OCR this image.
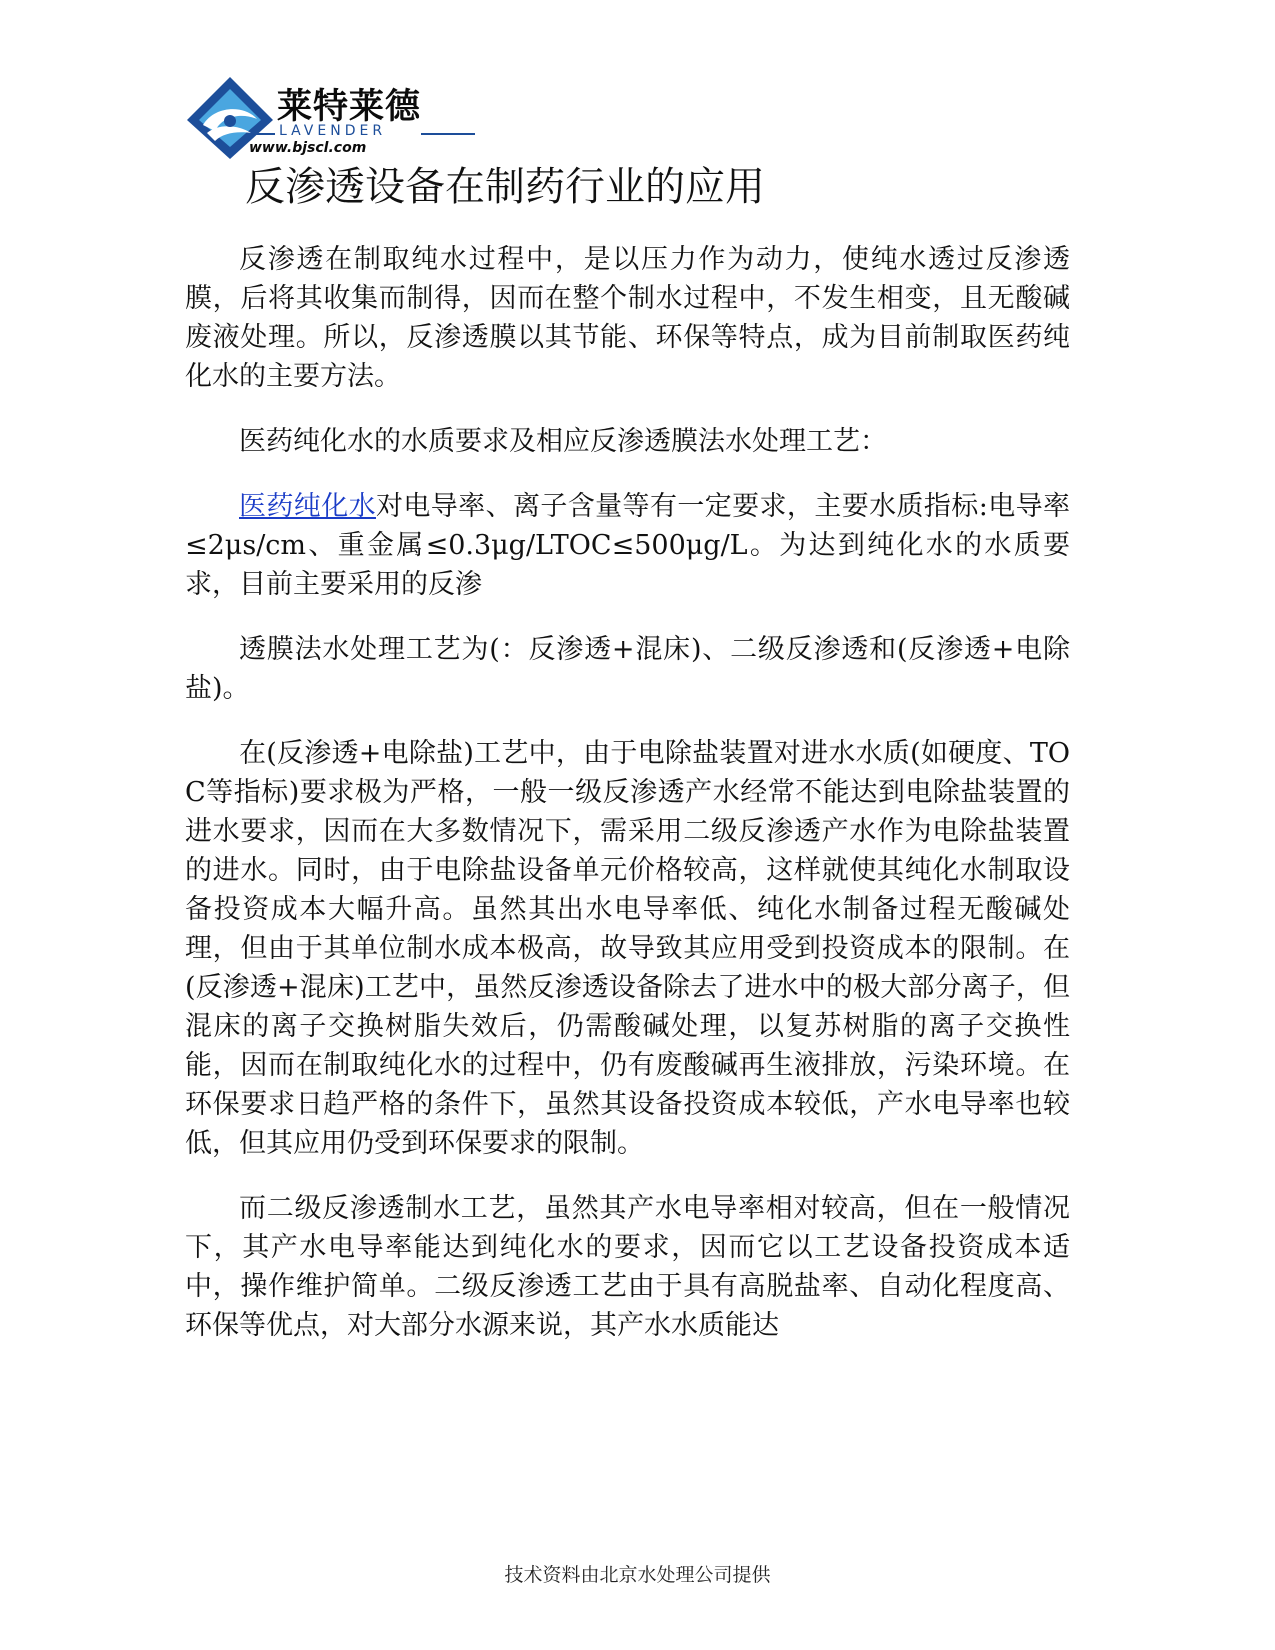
莱特莱德
LAVENDER
www.bjscl.com
反渗透设备在制药行业的应用

反渗透在制取纯水过程中，是以压力作为动力，使纯水透过反渗透膜，后将其收集而制得，因而在整个制水过程中，不发生相变，且无酸碱废液处理。所以，反渗透膜以其节能、环保等特点，成为目前制取医药纯化水的主要方法。

医药纯化水的水质要求及相应反渗透膜法水处理工艺：

医药纯化水对电导率、离子含量等有一定要求，主要水质指标:电导率≤2μs/cm、重金属≤0.3μg/LTOC≤500μg/L。为达到纯化水的水质要求，目前主要采用的反渗

透膜法水处理工艺为(：反渗透+混床)、二级反渗透和(反渗透+电除盐)。

在(反渗透+电除盐)工艺中，由于电除盐装置对进水水质(如硬度、TOC等指标)要求极为严格，一般一级反渗透产水经常不能达到电除盐装置的进水要求，因而在大多数情况下，需采用二级反渗透产水作为电除盐装置的进水。同时，由于电除盐设备单元价格较高，这样就使其纯化水制取设备投资成本大幅升高。虽然其出水电导率低、纯化水制备过程无酸碱处理，但由于其单位制水成本极高，故导致其应用受到投资成本的限制。在(反渗透+混床)工艺中，虽然反渗透设备除去了进水中的极大部分离子，但混床的离子交换树脂失效后，仍需酸碱处理，以复苏树脂的离子交换性能，因而在制取纯化水的过程中，仍有废酸碱再生液排放，污染环境。在环保要求日趋严格的条件下，虽然其设备投资成本较低，产水电导率也较低，但其应用仍受到环保要求的限制。

而二级反渗透制水工艺，虽然其产水电导率相对较高，但在一般情况下，其产水电导率能达到纯化水的要求，因而它以工艺设备投资成本适中，操作维护简单。二级反渗透工艺由于具有高脱盐率、自动化程度高、环保等优点，对大部分水源来说，其产水水质能达

技术资料由北京水处理公司提供
